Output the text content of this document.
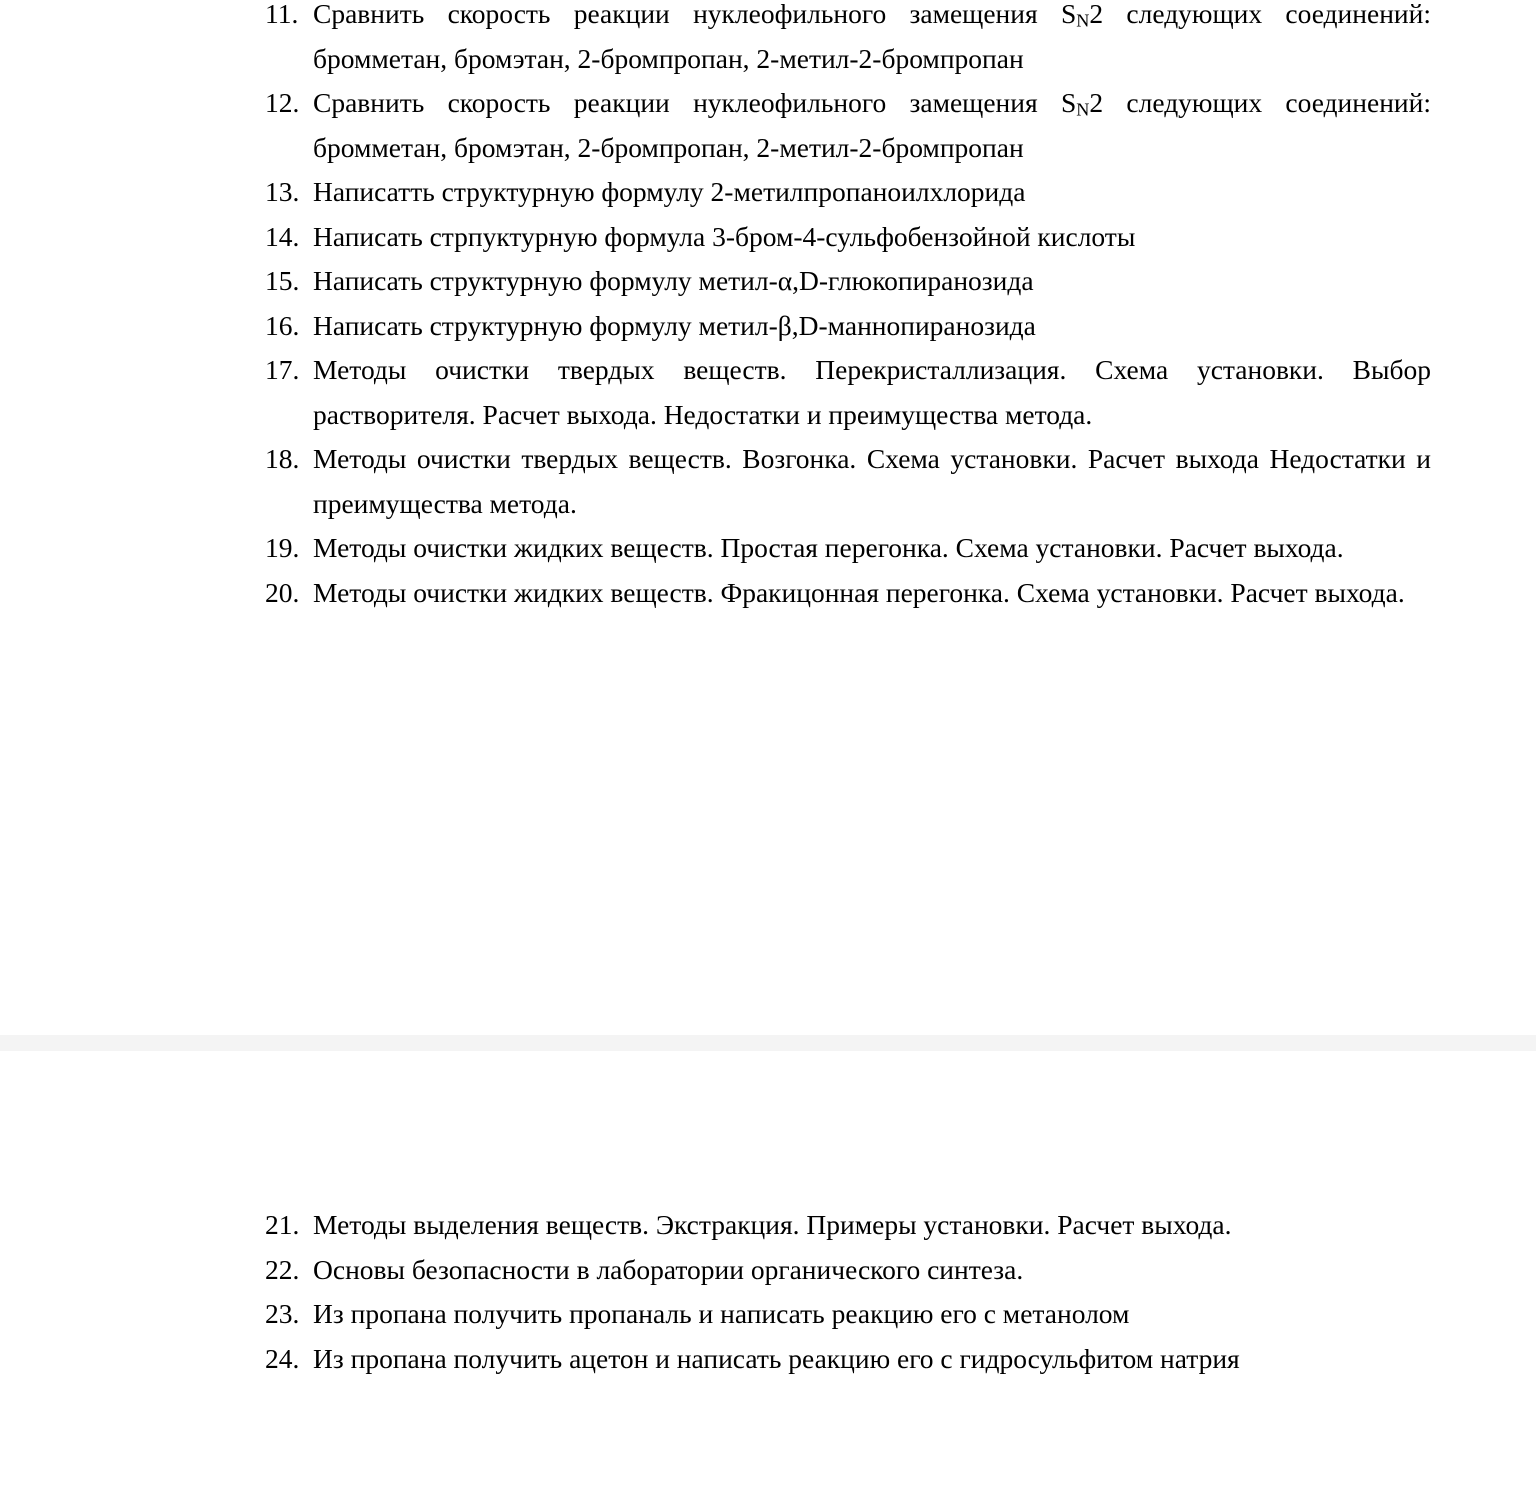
11. Сравнить скорость реакции нуклеофильного замещения $S_N2$ следующих соединений: бромметан, бромэтан, 2-бромпропан, 2-метил-2-бромпропан
12. Сравнить скорость реакции нуклеофильного замещения $S_N2$ следующих соединений: бромметан, бромэтан, 2-бромпропан, 2-метил-2-бромпропан
13. Написатть структурную формулу 2-метилпропаноилхлорида
14. Написать стрпуктурную формула 3-бром-4-сульфобензойной кислоты
15. Написать структурную формулу метил-α,D-глюкопиранозида
16. Написать структурную формулу метил-β,D-маннопиранозида
17. Методы очистки твердых веществ. Перекристаллизация. Схема установки. Выбор растворителя. Расчет выхода. Недостатки и преимущества метода.
18. Методы очистки твердых веществ. Возгонка. Схема установки. Расчет выхода Недостатки и преимущества метода.
19. Методы очистки жидких веществ. Простая перегонка. Схема установки. Расчет выхода.
20. Методы очистки жидких веществ. Фракицонная перегонка. Схема установки. Расчет выхода.
21. Методы выделения веществ. Экстракция. Примеры установки. Расчет выхода.
22. Основы безопасности в лаборатории органического синтеза.
23. Из пропана получить пропаналь и написать реакцию его с метанолом
24. Из пропана получить ацетон и написать реакцию его с гидросульфитом натрия
